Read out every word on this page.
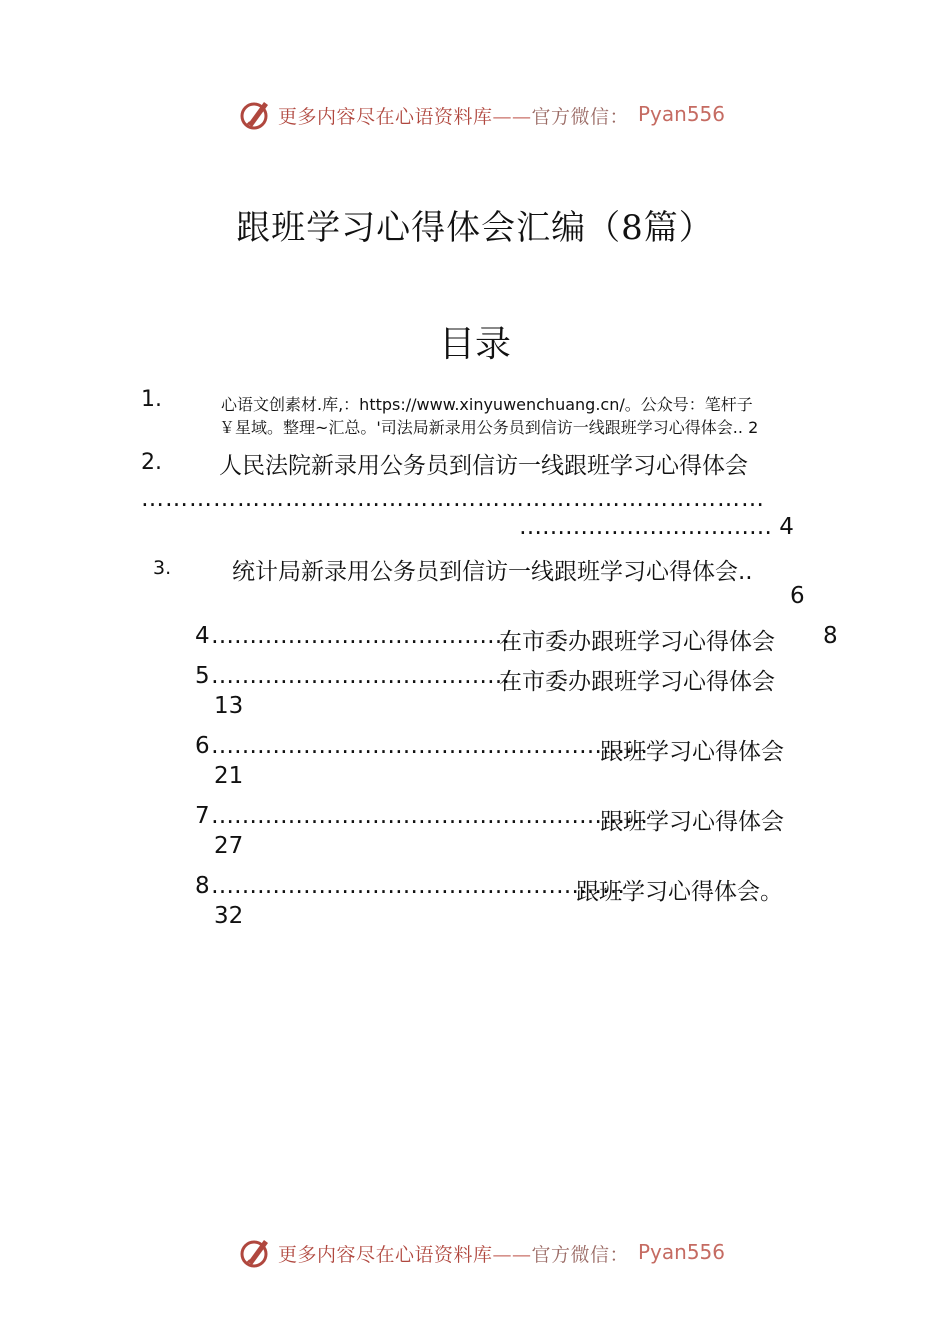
更多内容尽在心语资料库——官方微信： Pyan556
跟班学习心得体会汇编（8篇）
目录
1.	心语文创素材.库,：https://www.xinyuwenchuang.cn/。公众号：笔杆子
￥星域。整理~汇总。'司法局新录用公务员到信访一线跟班学习心得体会.. 2
2. 人民法院新录用公务员到信访一线跟班学习心得体会
……………………………………………………………………
…………………………… 4
3.	统计局新录用公务员到信访一线跟班学习心得体会..
6
4 …………………………………
在市委办跟班学习心得体会 8
5 …………………………………
在市委办跟班学习心得体会
13
6 …………………………………………………
跟班学习心得体会
21
7 …………………………………………………
跟班学习心得体会
27
8 ………………………………………………
跟班学习心得体会。
32
更多内容尽在心语资料库——官方微信： Pyan556
